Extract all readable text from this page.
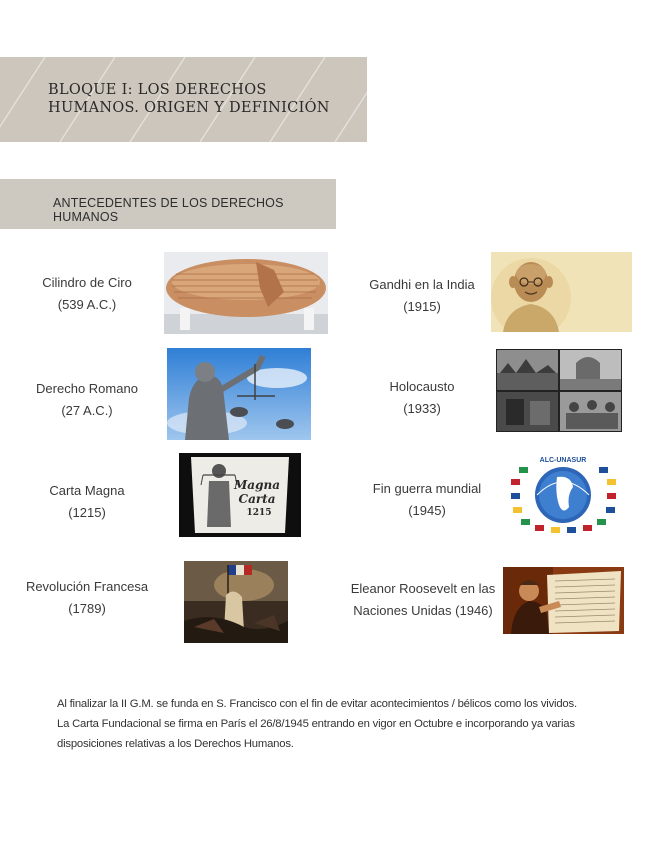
BLOQUE I: LOS DERECHOS
HUMANOS. ORIGEN Y DEFINICIÓN
ANTECEDENTES DE LOS DERECHOS HUMANOS
Cilindro de Ciro
(539 A.C.)
Derecho Romano
(27 A.C.)
Carta Magna
(1215)
Magna
Carta
1215
Revolución Francesa
(1789)
Gandhi en la India
(1915)
Holocausto
(1933)
Fin guerra mundial
(1945)
ALC-UNASUR
Eleanor Roosevelt en las
Naciones Unidas (1946)

Al finalizar la II G.M. se funda en S. Francisco con el fin de evitar acontecimientos / bélicos como los vividos.

La Carta Fundacional se firma en París el 26/8/1945 entrando en vigor en Octubre e incorporando ya varias

disposiciones relativas a los Derechos Humanos.
